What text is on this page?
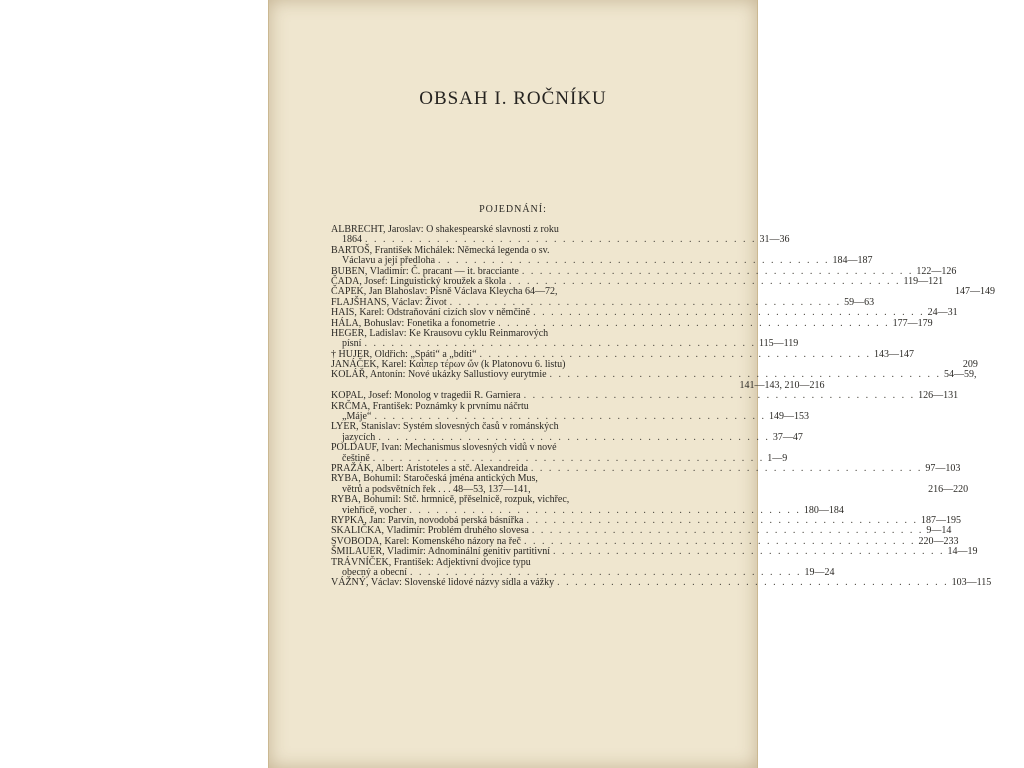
OBSAH I. ROČNÍKU
POJEDNÁNÍ:
ALBRECHT, Jaroslav: O shakespearské slavnosti z roku
1864 . . .	31—36
BARTOŠ, František Michálek: Německá legenda o sv.
Václavu a její předloha . . .	184—187
BUBEN, Vladimír: Č. pracant — it. bracciante . . .	122—126
ČADA, Josef: Linguistický kroužek a škola . . .	119—121
ČAPEK, Jan Blahoslav: Písně Václava Kleycha 64—72,	147—149
FLAJŠHANS, Václav: Život . . .	59—63
HAIS, Karel: Odstraňování cizích slov v němčině . . .	24—31
HÁLA, Bohuslav: Fonetika a fonometrie . . .	177—179
HEGER, Ladislav: Ke Krausovu cyklu Reinmarových
písní . . .	115—119
† HUJER, Oldřich: „Spáti“ a „bdíti“ . . .	143—147
JANÁČEK, Karel: Καίπερ τέρων ὤν (k Platonovu 6. listu)	209
KOLÁŘ, Antonín: Nové ukázky Sallustiovy eurytmie . . .	54—59,
141—143, 210—216
KOPAL, Josef: Monolog v tragedii R. Garniera . . .	126—131
KRČMA, František: Poznámky k prvnímu náčrtu
„Máje“ . . .	149—153
LYER, Stanislav: Systém slovesných časů v románských
jazycích . . .	37—47
POLDAUF, Ivan: Mechanismus slovesných vidů v nové
češtině . . .	1—9
PRAŽÁK, Albert: Aristoteles a stč. Alexandreida . . .	97—103
RYBA, Bohumil: Staročeská jména antických Mus,
větrů a podsvětních řek . . . 48—53, 137—141,	216—220
RYBA, Bohumil: Stč. hrmnicě, přěselnicě, rozpuk, vichřec,
viehřicě, vocher . . .	180—184
RYPKA, Jan: Parvín, novodobá perská básnířka . . .	187—195
SKALIČKA, Vladimír: Problém druhého slovesa . . .	9—14
SVOBODA, Karel: Komenského názory na řeč . . .	220—233
ŠMILAUER, Vladimír: Adnominální genitiv partitivní . . .	14—19
TRÁVNÍČEK, František: Adjektivní dvojice typu
obecný a obecní . . .	19—24
VÁŽNÝ, Václav: Slovenské lidové názvy sídla a vážky . . .	103—115
